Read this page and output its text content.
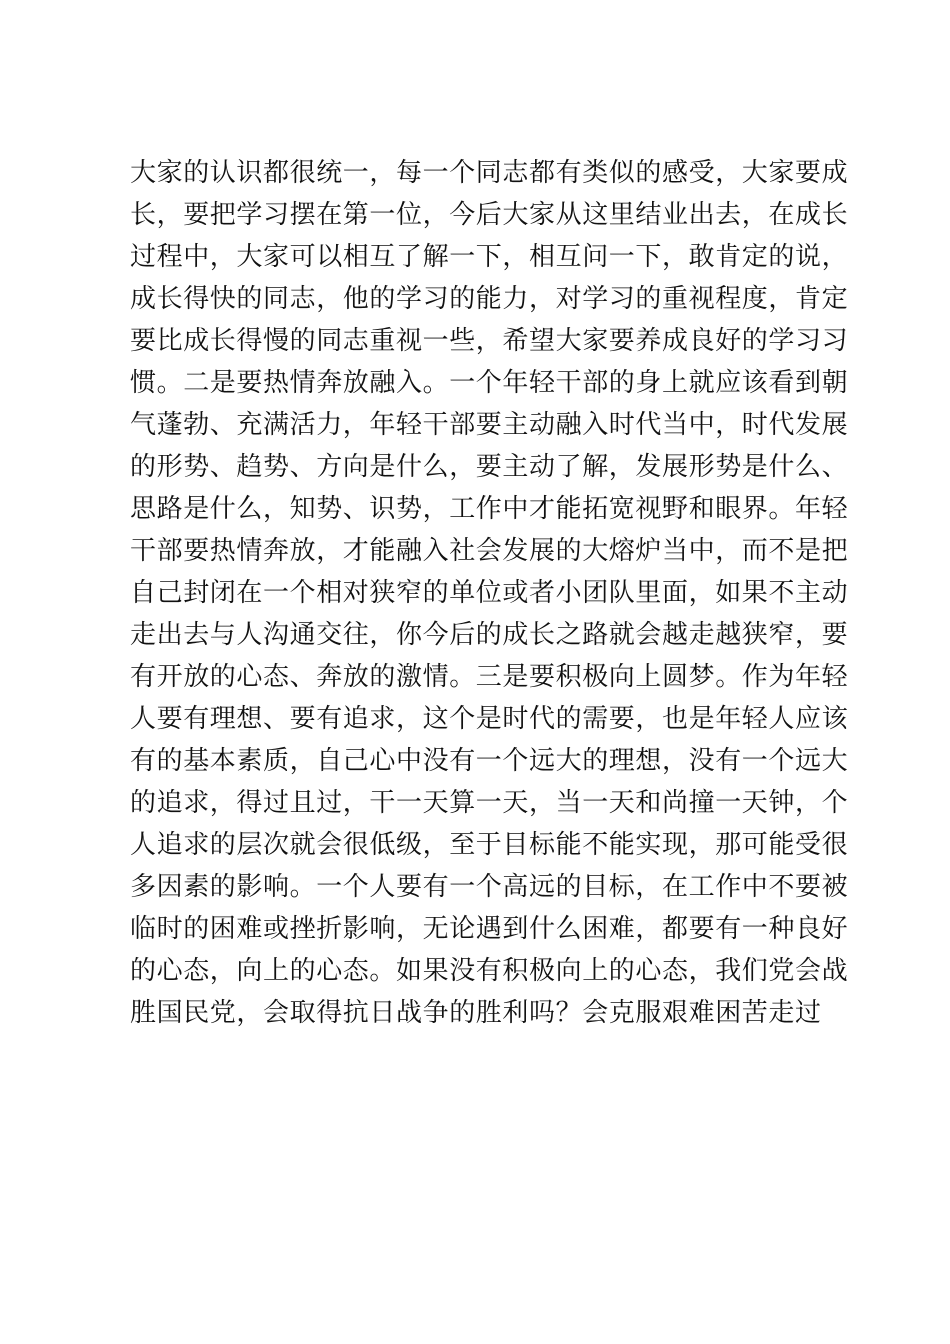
大家的认识都很统一，每一个同志都有类似的感受，大家要成
长，要把学习摆在第一位，今后大家从这里结业出去，在成长
过程中，大家可以相互了解一下，相互问一下，敢肯定的说，
成长得快的同志，他的学习的能力，对学习的重视程度，肯定
要比成长得慢的同志重视一些，希望大家要养成良好的学习习
惯。二是要热情奔放融入。一个年轻干部的身上就应该看到朝
气蓬勃、充满活力，年轻干部要主动融入时代当中，时代发展
的形势、趋势、方向是什么，要主动了解，发展形势是什么、
思路是什么，知势、识势，工作中才能拓宽视野和眼界。年轻
干部要热情奔放，才能融入社会发展的大熔炉当中，而不是把
自己封闭在一个相对狭窄的单位或者小团队里面，如果不主动
走出去与人沟通交往，你今后的成长之路就会越走越狭窄，要
有开放的心态、奔放的激情。三是要积极向上圆梦。作为年轻
人要有理想、要有追求，这个是时代的需要，也是年轻人应该
有的基本素质，自己心中没有一个远大的理想，没有一个远大
的追求，得过且过，干一天算一天，当一天和尚撞一天钟，个
人追求的层次就会很低级，至于目标能不能实现，那可能受很
多因素的影响。一个人要有一个高远的目标，在工作中不要被
临时的困难或挫折影响，无论遇到什么困难，都要有一种良好
的心态，向上的心态。如果没有积极向上的心态，我们党会战
胜国民党，会取得抗日战争的胜利吗？会克服艰难困苦走过
